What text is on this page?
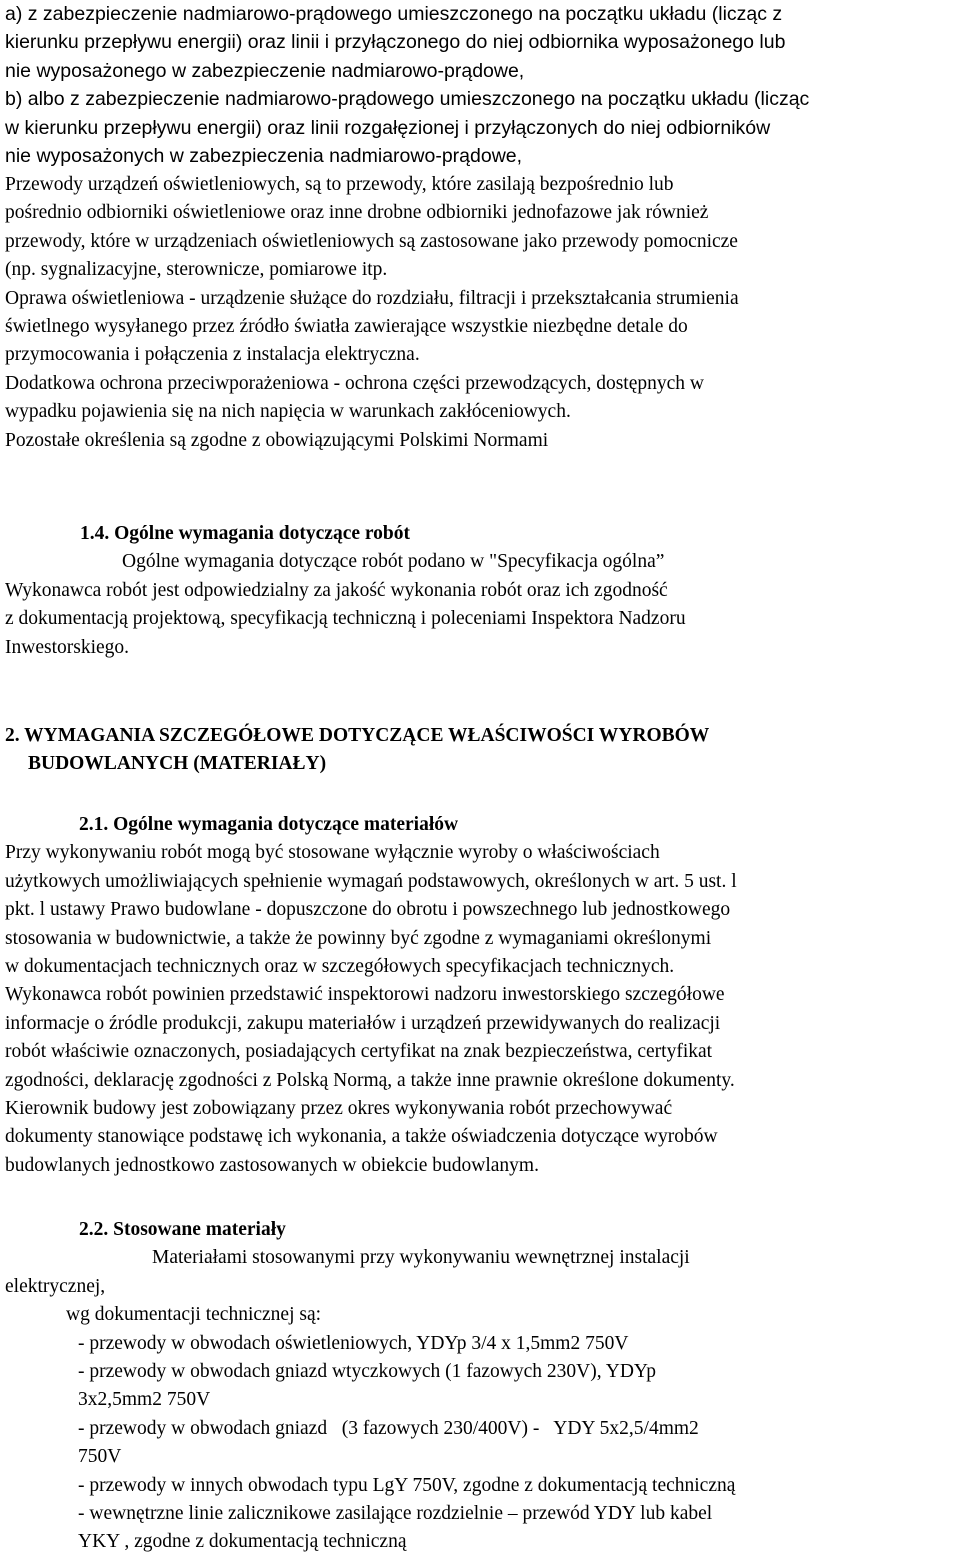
a) z zabezpieczenie nadmiarowo-prądowego umieszczonego na początku układu (licząc z
kierunku przepływu energii) oraz linii i przyłączonego do niej odbiornika wyposażonego lub
nie wyposażonego w zabezpieczenie nadmiarowo-prądowe,
b) albo z zabezpieczenie nadmiarowo-prądowego umieszczonego na początku układu (licząc
w kierunku przepływu energii) oraz linii rozgałęzionej i przyłączonych do niej odbiorników
nie wyposażonych w zabezpieczenia nadmiarowo-prądowe,
Przewody urządzeń oświetleniowych, są to przewody, które zasilają bezpośrednio lub
pośrednio odbiorniki oświetleniowe oraz inne drobne odbiorniki jednofazowe jak również
przewody, które w urządzeniach oświetleniowych są zastosowane jako przewody pomocnicze
(np. sygnalizacyjne, sterownicze, pomiarowe itp.
Oprawa oświetleniowa - urządzenie służące do rozdziału, filtracji i przekształcania strumienia
świetlnego wysyłanego przez źródło światła zawierające wszystkie niezbędne detale do
przymocowania i połączenia z instalacja elektryczna.
Dodatkowa ochrona przeciwporażeniowa - ochrona części przewodzących, dostępnych w
wypadku pojawienia się na nich napięcia w warunkach zakłóceniowych.
Pozostałe określenia są zgodne z obowiązującymi Polskimi Normami
1.4. Ogólne wymagania dotyczące robót
Ogólne wymagania dotyczące robót podano w "Specyfikacja ogólna”
Wykonawca robót jest odpowiedzialny za jakość wykonania robót oraz ich zgodność
z dokumentacją projektową, specyfikacją techniczną i poleceniami Inspektora Nadzoru
Inwestorskiego.
2. WYMAGANIA SZCZEGÓŁOWE DOTYCZĄCE WŁAŚCIWOŚCI WYROBÓW
BUDOWLANYCH (MATERIAŁY)
2.1. Ogólne wymagania dotyczące materiałów
Przy wykonywaniu robót mogą być stosowane wyłącznie wyroby o właściwościach
użytkowych umożliwiających spełnienie wymagań podstawowych, określonych w art. 5 ust. l
pkt. l ustawy Prawo budowlane - dopuszczone do obrotu i powszechnego lub jednostkowego
stosowania w budownictwie, a także że powinny być zgodne z wymaganiami określonymi
w dokumentacjach technicznych oraz w szczegółowych specyfikacjach technicznych.
Wykonawca robót powinien przedstawić inspektorowi nadzoru inwestorskiego szczegółowe
informacje o źródle produkcji, zakupu materiałów i urządzeń przewidywanych do realizacji
robót właściwie oznaczonych, posiadających certyfikat na znak bezpieczeństwa, certyfikat
zgodności, deklarację zgodności z Polską Normą, a także inne prawnie określone dokumenty.
Kierownik budowy jest zobowiązany przez okres wykonywania robót przechowywać
dokumenty stanowiące podstawę ich wykonania, a także oświadczenia dotyczące wyrobów
budowlanych jednostkowo zastosowanych w obiekcie budowlanym.
2.2. Stosowane materiały
Materiałami stosowanymi przy wykonywaniu wewnętrznej instalacji
elektrycznej,
wg dokumentacji technicznej są:
- przewody w obwodach oświetleniowych, YDYp 3/4 x 1,5mm2 750V
- przewody w obwodach gniazd wtyczkowych (1 fazowych 230V), YDYp
3x2,5mm2 750V
- przewody w obwodach gniazd   (3 fazowych 230/400V) -   YDY 5x2,5/4mm2
750V
- przewody w innych obwodach typu LgY 750V, zgodne z dokumentacją techniczną
- wewnętrzne linie zalicznikowe zasilające rozdzielnie – przewód YDY lub kabel
YKY , zgodne z dokumentacją techniczną
